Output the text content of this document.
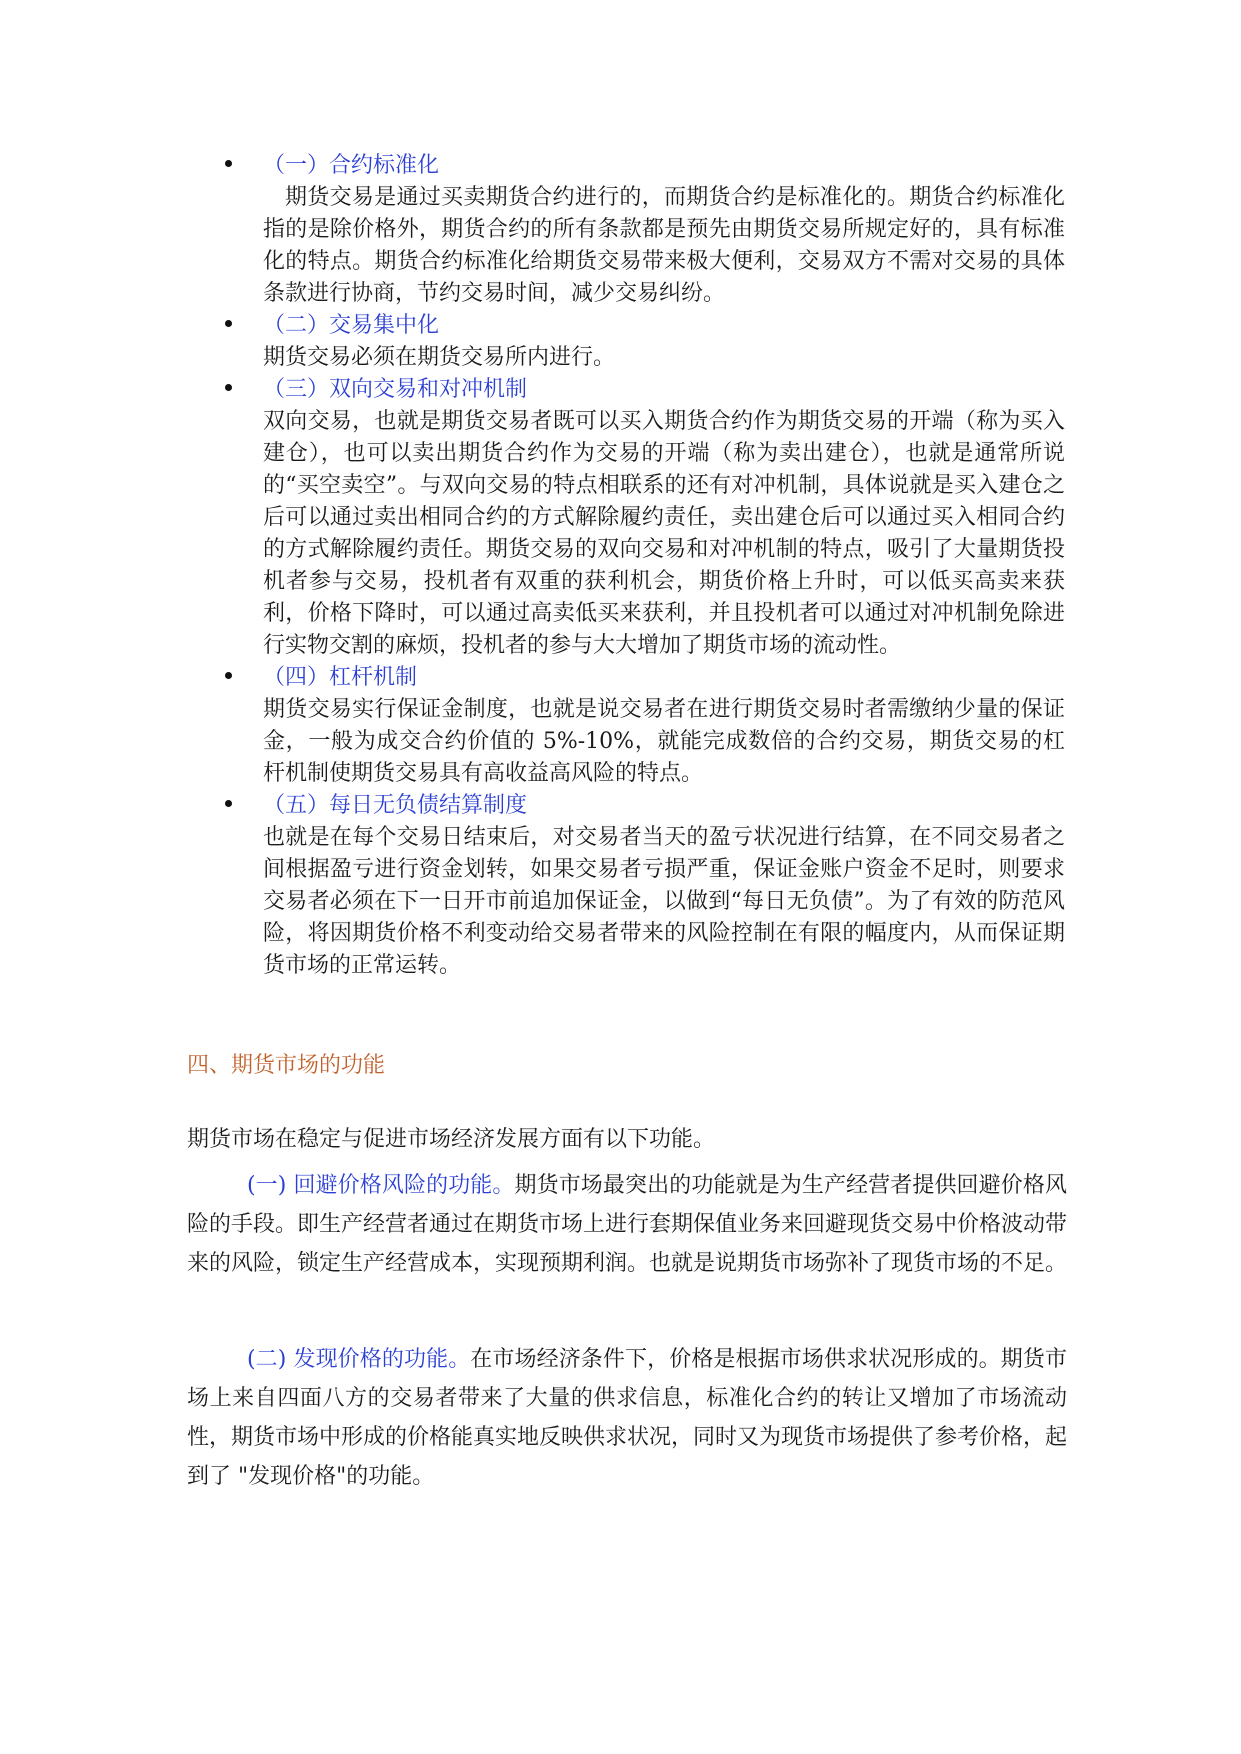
（一）合约标准化
期货交易是通过买卖期货合约进行的，而期货合约是标准化的。期货合约标准化指的是除价格外，期货合约的所有条款都是预先由期货交易所规定好的，具有标准化的特点。期货合约标准化给期货交易带来极大便利，交易双方不需对交易的具体条款进行协商，节约交易时间，减少交易纠纷。
（二）交易集中化
期货交易必须在期货交易所内进行。
（三）双向交易和对冲机制
双向交易，也就是期货交易者既可以买入期货合约作为期货交易的开端（称为买入建仓），也可以卖出期货合约作为交易的开端（称为卖出建仓），也就是通常所说的“买空卖空”。与双向交易的特点相联系的还有对冲机制，具体说就是买入建仓之后可以通过卖出相同合约的方式解除履约责任，卖出建仓后可以通过买入相同合约的方式解除履约责任。期货交易的双向交易和对冲机制的特点，吸引了大量期货投机者参与交易，投机者有双重的获利机会，期货价格上升时，可以低买高卖来获利，价格下降时，可以通过高卖低买来获利，并且投机者可以通过对冲机制免除进行实物交割的麻烦，投机者的参与大大增加了期货市场的流动性。
（四）杠杆机制
期货交易实行保证金制度，也就是说交易者在进行期货交易时者需缴纳少量的保证金，一般为成交合约价值的 5%-10%，就能完成数倍的合约交易，期货交易的杠杆机制使期货交易具有高收益高风险的特点。
（五）每日无负债结算制度
也就是在每个交易日结束后，对交易者当天的盈亏状况进行结算，在不同交易者之间根据盈亏进行资金划转，如果交易者亏损严重，保证金账户资金不足时，则要求交易者必须在下一日开市前追加保证金，以做到“每日无负债”。为了有效的防范风险，将因期货价格不利变动给交易者带来的风险控制在有限的幅度内，从而保证期货市场的正常运转。
四、期货市场的功能

期货市场在稳定与促进市场经济发展方面有以下功能。

(一) 回避价格风险的功能。期货市场最突出的功能就是为生产经营者提供回避价格风险的手段。即生产经营者通过在期货市场上进行套期保值业务来回避现货交易中价格波动带来的风险，锁定生产经营成本，实现预期利润。也就是说期货市场弥补了现货市场的不足。

(二) 发现价格的功能。在市场经济条件下，价格是根据市场供求状况形成的。期货市场上来自四面八方的交易者带来了大量的供求信息，标准化合约的转让又增加了市场流动性，期货市场中形成的价格能真实地反映供求状况，同时又为现货市场提供了参考价格，起到了 "发现价格"的功能。
